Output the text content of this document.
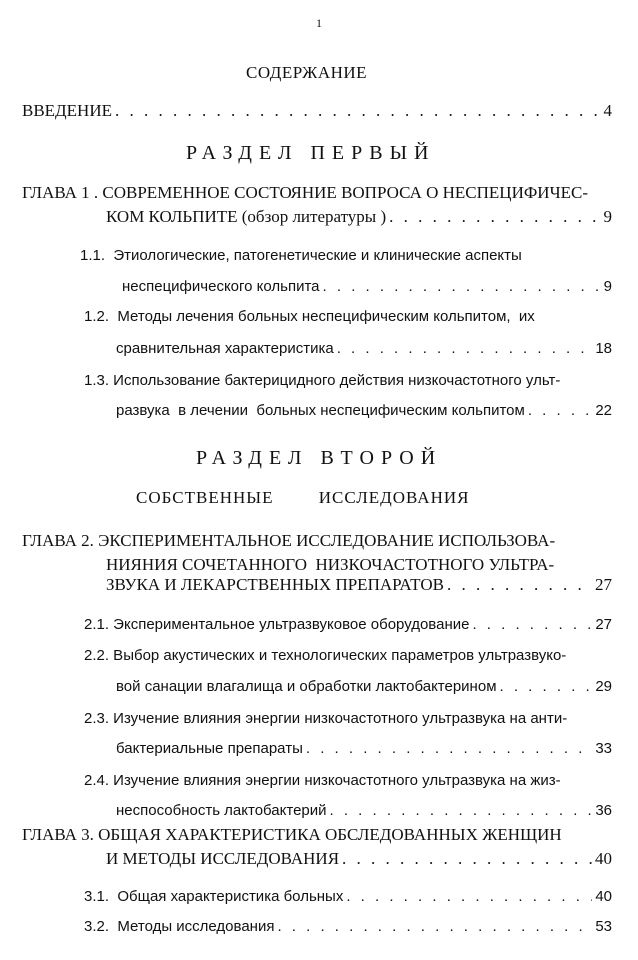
1
СОДЕРЖАНИЕ
ВВЕДЕНИЕ . . .	4
РАЗДЕЛ ПЕРВЫЙ
ГЛАВА 1 . СОВРЕМЕННОЕ СОСТОЯНИЕ ВОПРОСА О НЕСПЕЦИФИЧЕС-
КОМ КОЛЬПИТЕ (обзор литературы ) . . .	9
1.1.  Этиологические, патогенетические и клинические аспекты
неспецифического кольпита . . .	9
1.2.  Методы лечения больных неспецифическим кольпитом,  их
сравнительная характеристика . . .	18
1.3. Использование бактерицидного действия низкочастотного ульт-
развука  в лечении  больных неспецифическим кольпитом . . .	22
РАЗДЕЛ ВТОРОЙ
СОБСТВЕННЫЕ ИССЛЕДОВАНИЯ
ГЛАВА 2. ЭКСПЕРИМЕНТАЛЬНОЕ ИССЛЕДОВАНИЕ ИСПОЛЬЗОВА-
НИЯНИЯ СОЧЕТАННОГО  НИЗКОЧАСТОТНОГО УЛЬТРА-
ЗВУКА И ЛЕКАРСТВЕННЫХ ПРЕПАРАТОВ . . .	27
2.1. Экспериментальное ультразвуковое оборудование . . .	27
2.2. Выбор акустических и технологических параметров ультразвуко-
вой санации влагалища и обработки лактобактерином . . .	29
2.3. Изучение влияния энергии низкочастотного ультразвука на анти-
бактериальные препараты . . .	33
2.4. Изучение влияния энергии низкочастотного ультразвука на жиз-
неспособность лактобактерий . . .	36
ГЛАВА 3. ОБЩАЯ ХАРАКТЕРИСТИКА ОБСЛЕДОВАННЫХ ЖЕНЩИН
И МЕТОДЫ ИССЛЕДОВАНИЯ . . .	40
3.1.  Общая характеристика больных . . .	40
3.2.  Методы исследования . . .	53
